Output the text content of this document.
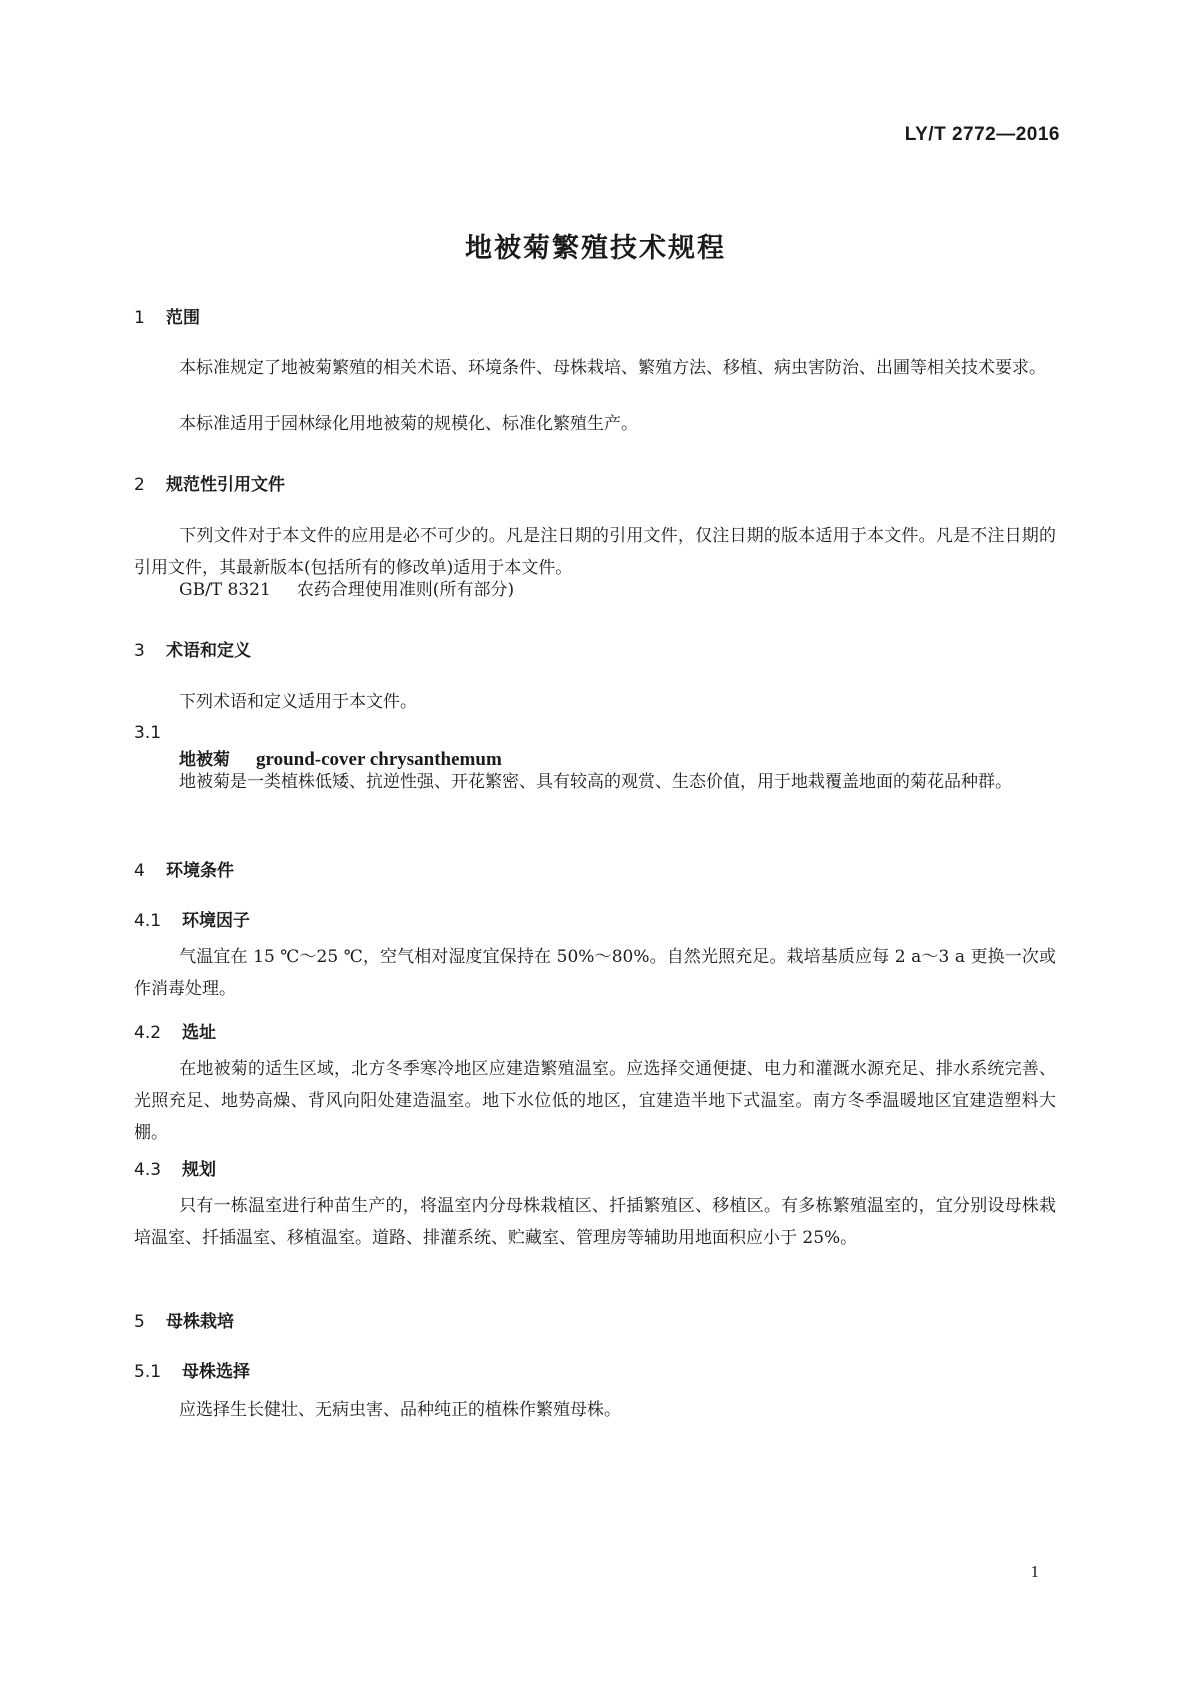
LY/T 2772—2016
地被菊繁殖技术规程
1 范围
本标准规定了地被菊繁殖的相关术语、环境条件、母株栽培、繁殖方法、移植、病虫害防治、出圃等相关技术要求。
本标准适用于园林绿化用地被菊的规模化、标准化繁殖生产。
2 规范性引用文件
下列文件对于本文件的应用是必不可少的。凡是注日期的引用文件，仅注日期的版本适用于本文件。凡是不注日期的引用文件，其最新版本(包括所有的修改单)适用于本文件。
GB/T 8321 农药合理使用准则(所有部分)
3 术语和定义
下列术语和定义适用于本文件。
3.1
地被菊 ground-cover chrysanthemum
地被菊是一类植株低矮、抗逆性强、开花繁密、具有较高的观赏、生态价值，用于地栽覆盖地面的菊花品种群。
4 环境条件
4.1 环境因子
气温宜在 15 ℃～25 ℃，空气相对湿度宜保持在 50%～80%。自然光照充足。栽培基质应每 2 a～3 a 更换一次或作消毒处理。
4.2 选址
在地被菊的适生区域，北方冬季寒冷地区应建造繁殖温室。应选择交通便捷、电力和灌溉水源充足、排水系统完善、光照充足、地势高燥、背风向阳处建造温室。地下水位低的地区，宜建造半地下式温室。南方冬季温暖地区宜建造塑料大棚。
4.3 规划
只有一栋温室进行种苗生产的，将温室内分母株栽植区、扦插繁殖区、移植区。有多栋繁殖温室的，宜分别设母株栽培温室、扦插温室、移植温室。道路、排灌系统、贮藏室、管理房等辅助用地面积应小于 25%。
5 母株栽培
5.1 母株选择
应选择生长健壮、无病虫害、品种纯正的植株作繁殖母株。
1
